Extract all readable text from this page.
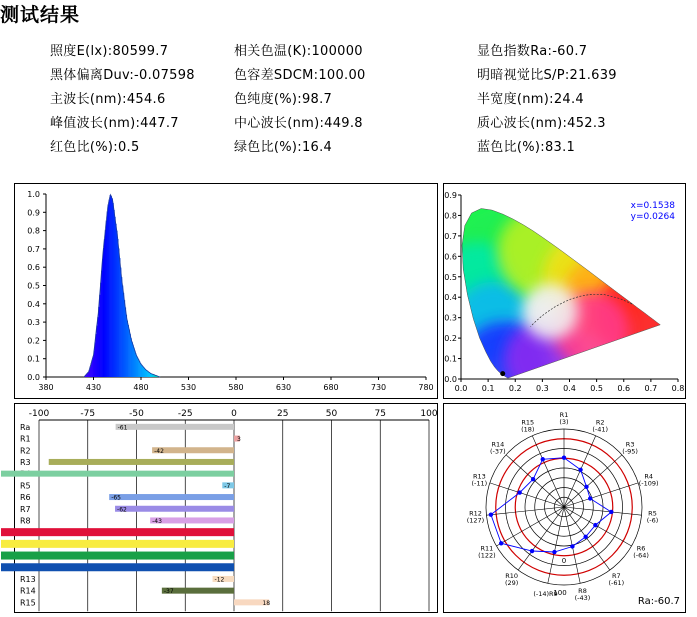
测试结果
照度E(lx):80599.7	相关色温(K):100000	显色指数Ra:-60.7
黑体偏离Duv:-0.07598	色容差SDCM:100.00	明暗视觉比S/P:21.639
主波长(nm):454.6	色纯度(%):98.7	半宽度(nm):24.4
峰值波长(nm):447.7	中心波长(nm):449.8	质心波长(nm):452.3
红色比(%):0.5	绿色比(%):16.4	蓝色比(%):83.1
0.0
0.1
0.2
0.3
0.4
0.5
0.6
0.7
0.8
0.9
1.0
380	430	480	530	580	630	680	730	780
0.0
0.1
0.2
0.3
0.4
0.5
0.6
0.7
0.8
0.9
0.0 0.1 0.2 0.3 0.4 0.5 0.6 0.7 0.8
x=0.1538
y=0.0264
-100	-75	-50	-25	0	25	50	75	100
Ra	-61
R1	3
R2	-42
R3
R5	-7
R6	-65
R7	-62
R8	-43
R13	-12
R14	-37
R15	18
0
100
R1 (3)	R2 (-41)
R3 (-95)
R4 (-109)
R5 (-6)
R6 (-64)
R7 (-61)
R8 (-43)
(-14)R9
R10 (29)
R11 (122)
R12 (127)
R13 (-11)
R14 (-37)
R15 (18)
Ra:-60.7
